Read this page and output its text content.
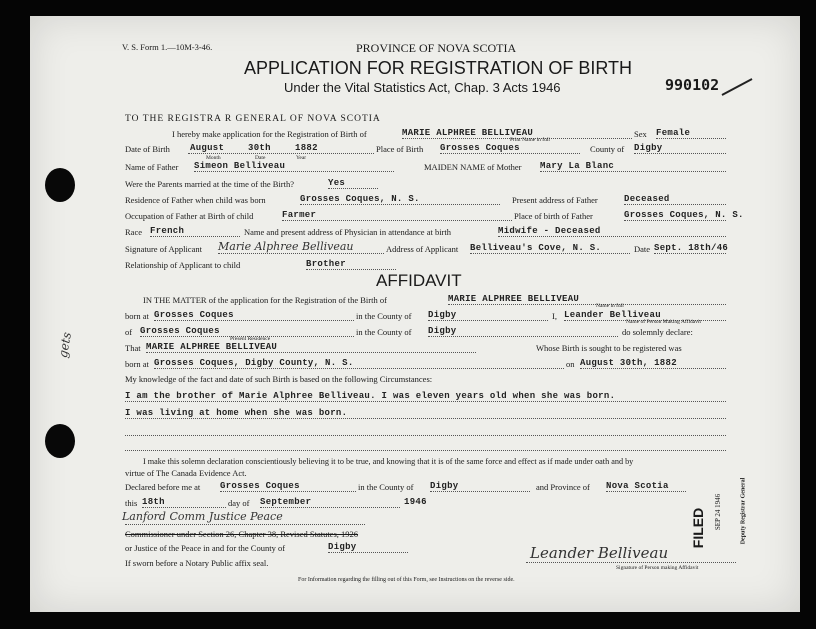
V. S. Form 1.—10M-3-46.	PROVINCE OF NOVA SCOTIA
APPLICATION FOR REGISTRATION OF BIRTH
Under the Vital Statistics Act, Chap. 3 Acts 1946	990102
TO THE REGISTRA R GENERAL OF NOVA SCOTIA
I hereby make application for the Registration of Birth of	MARIE ALPHREE BELLIVEAU	Sex Female
Print Name in full
Date of Birth August	30th	1882
Month	Date	Year
Place of Birth Grosses Coques	County of Digby
Name of Father Simeon Belliveau	MAIDEN NAME of Mother Mary La Blanc
Were the Parents married at the time of the Birth?	Yes
Residence of Father when child was born	Grosses Coques, N. S.	Present address of Father	Deceased
Occupation of Father at Birth of child	Farmer	Place of birth of Father	Grosses Coques, N. S.
Race French	Name and present address of Physician in attendance at birth	Midwife - Deceased
Signature of Applicant Marie Alphree Belliveau	Address of Applicant Belliveau's Cove, N. S.	Date Sept. 18th/46
Relationship of Applicant to child	Brother
AFFIDAVIT
IN THE MATTER of the application for the Registration of the Birth of	MARIE ALPHREE BELLIVEAU
Name in full
born at Grosses Coques	in the County of Digby	I, Leander Belliveau
Name of Person Making Affidavit
of Grosses Coques	in the County of Digby	do solemnly declare:
Present Residence
That MARIE ALPHREE BELLIVEAU	Whose Birth is sought to be registered was
born at Grosses Coques, Digby County, N. S.	on August 30th, 1882
My knowledge of the fact and date of such Birth is based on the following Circumstances:
I am the brother of Marie Alphree Belliveau. I was eleven years old when she was born.
I was living at home when she was born.
I make this solemn declaration conscientiously believing it to be true, and knowing that it is of the same force and effect as if made under oath and by
virtue of The Canada Evidence Act.
Declared before me at Grosses Coques	in the County of Digby	and Province of Nova Scotia
this 18th	day of September	1946
Lanford Comm Justice Peace
Commissioner under Section 26, Chapter 38, Revised Statutes, 1926
or Justice of the Peace in and for the County of	Digby
If sworn before a Notary Public affix seal.
Leander Belliveau
Signature of Person making Affidavit
For Information regarding the filling out of this Form, see Instructions on the reverse side.
FILED SEP 24 1946	Deputy Registrar General
gets
